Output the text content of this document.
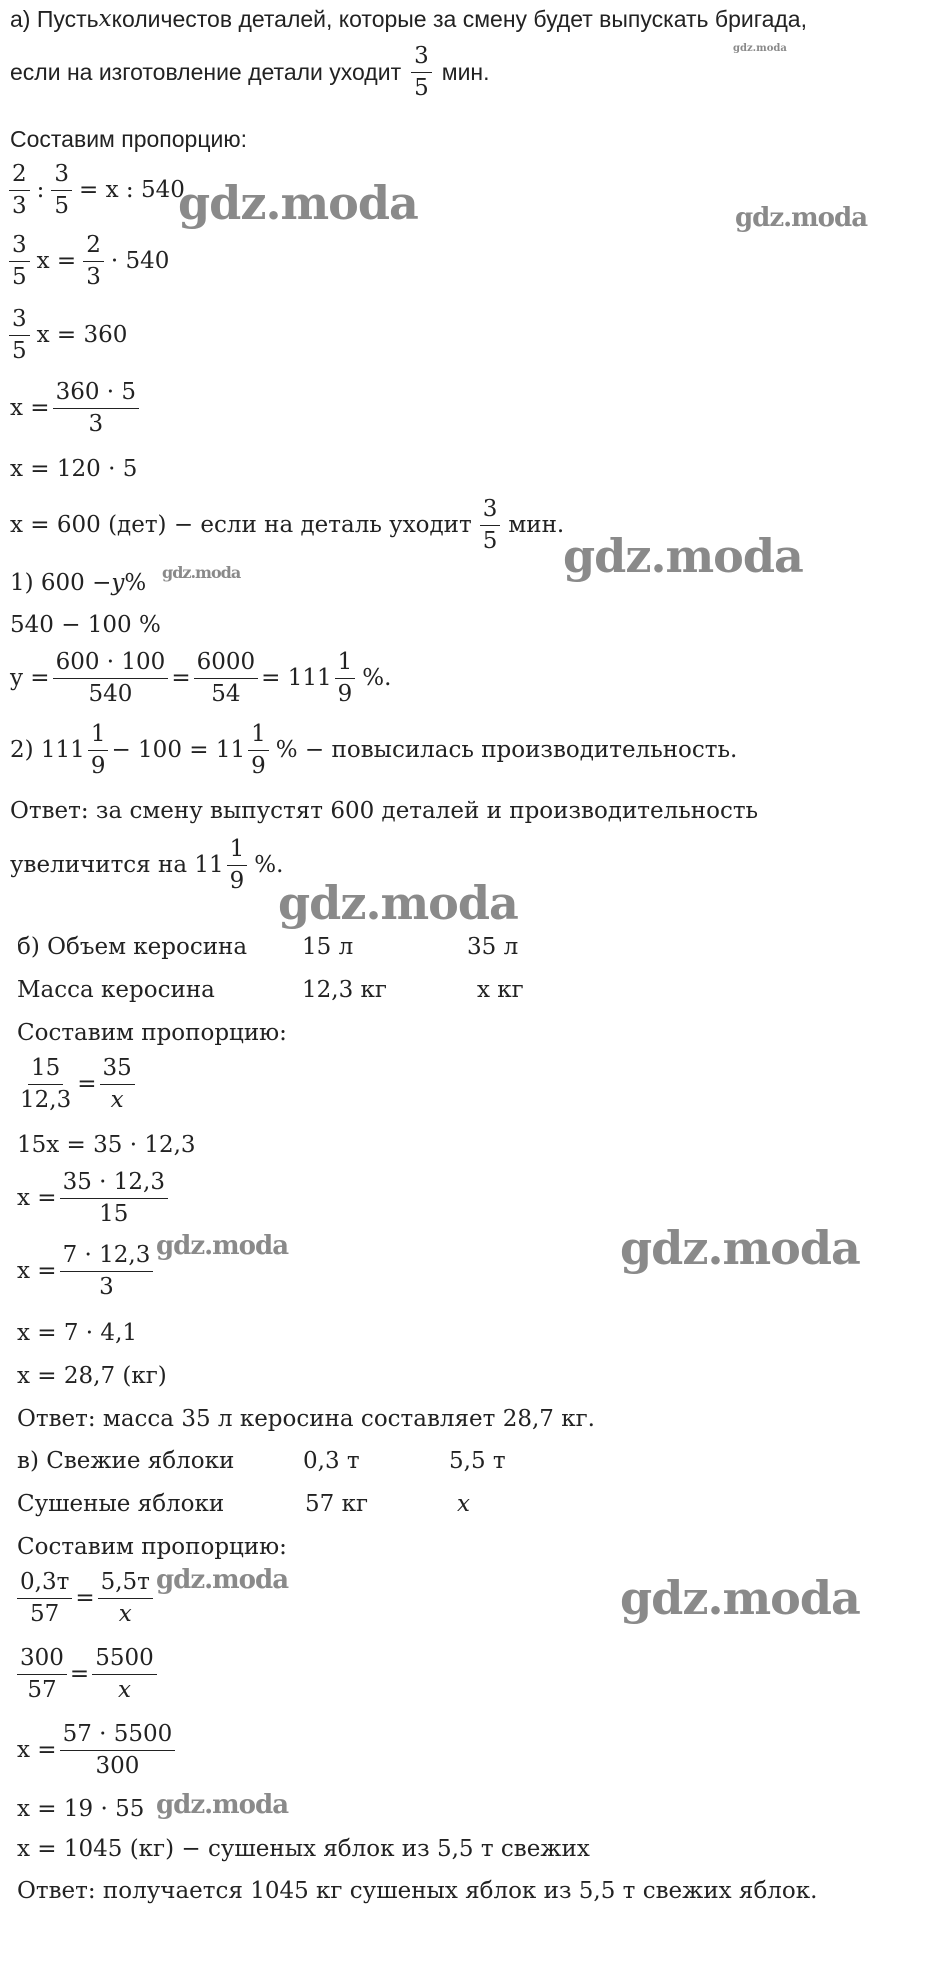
а) Пусть x количестов деталей, которые за смену будет выпускать бригада,
если на изготовление детали уходит $\frac{3}{5}$ мин.
Составим пропорцию:
$\frac{2}{3}$ : $\frac{3}{5} = x$ : 540
$\frac{3}{5}$ $x = \frac{2}{3} \cdot 540$
$\frac{3}{5}$ x = 360
$x = \frac{360 \cdot 5}{3}$
x = 120 · 5
x = 600 (дет) − если на деталь уходит $\frac{3}{5}$ мин.
1) 600 − y %
540 − 100 %
$y = \frac{600 \cdot 100}{540} = \frac{6000}{54} = 111 \frac{1}{9}$ %.
2) $111 \frac{1}{9} - 100 = 11 \frac{1}{9}$ % − повысилась производительность.
Ответ: за смену выпустят 600 деталей и производительность
увеличится на $11 \frac{1}{9}$ %.
б) Объем керосина	15 л	35 л
Масса керосина	12,3 кг	x кг
Составим пропорцию:
$\frac{15}{12,3} = \frac{35}{x}$
15x = 35 · 12,3
$x = \frac{35 \cdot 12,3}{15}$
$x = \frac{7 \cdot 12,3}{3}$
x = 7 · 4,1
x = 28,7 (кг)
Ответ: масса 35 л керосина составляет 28,7 кг.
в) Свежие яблоки	0,3 т	5,5 т
Сушеные яблоки	57 кг	x
Составим пропорцию:
0,3т
57
=
5,5т
x
$\frac{300}{57} = \frac{5500}{x}$
$x = \frac{57 \cdot 5500}{300}$
x = 19 · 55
x = 1045 (кг) − сушеных яблок из 5,5 т свежих
Ответ: получается 1045 кг сушеных яблок из 5,5 т свежих яблок.
gdz.moda
gdz.moda	gdz.moda
gdz.moda
gdz.moda
gdz.moda
gdz.moda	gdz.moda
gdz.moda	gdz.moda
gdz.moda
